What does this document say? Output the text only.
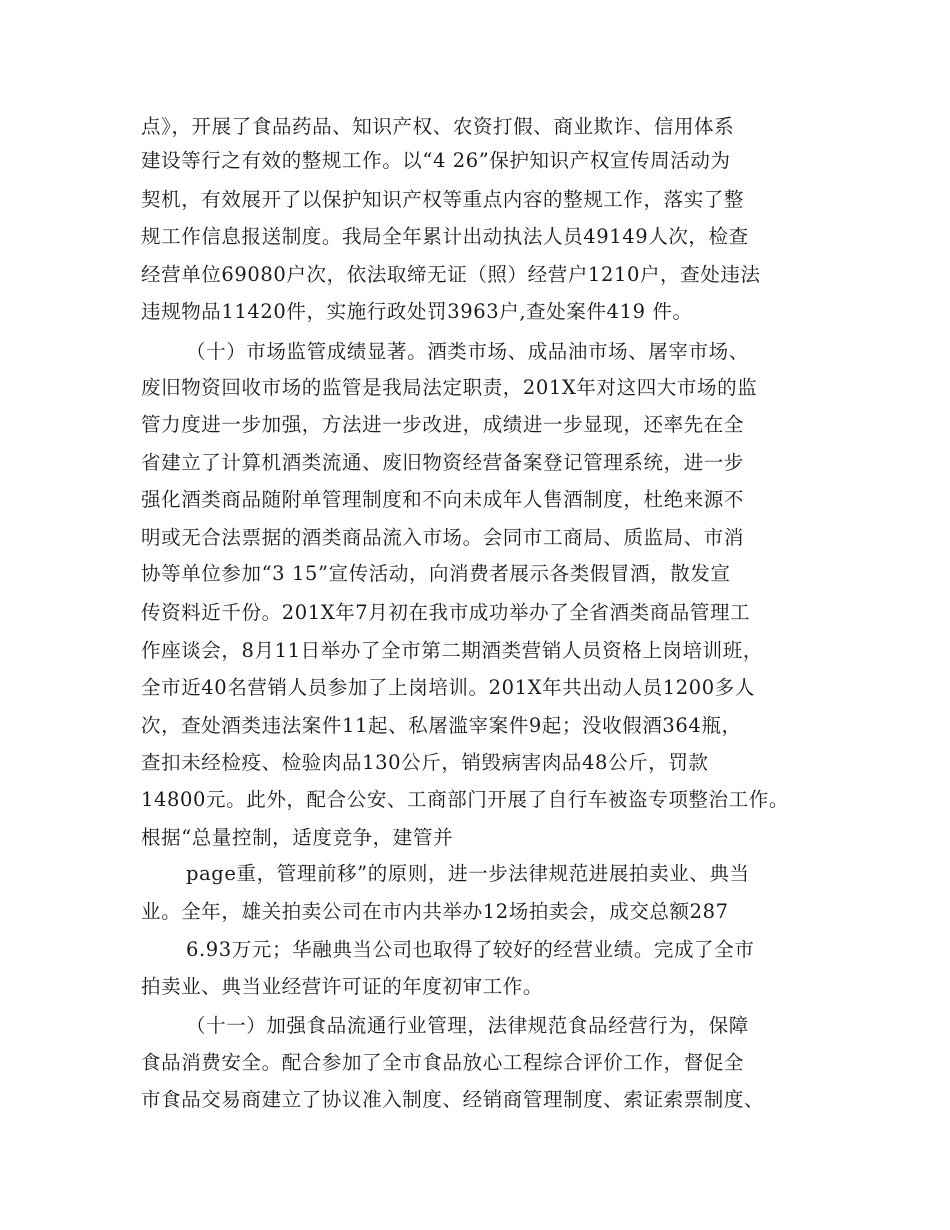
点》，开展了食品药品、知识产权、农资打假、商业欺诈、信用体系
建设等行之有效的整规工作。以“4 26”保护知识产权宣传周活动为
契机，有效展开了以保护知识产权等重点内容的整规工作，落实了整
规工作信息报送制度。我局全年累计出动执法人员49149人次，检查
经营单位69080户次，依法取缔无证（照）经营户1210户，查处违法
违规物品11420件，实施行政处罚3963户,查处案件419 件。
（十）市场监管成绩显著。酒类市场、成品油市场、屠宰市场、
废旧物资回收市场的监管是我局法定职责，201X年对这四大市场的监
管力度进一步加强，方法进一步改进，成绩进一步显现，还率先在全
省建立了计算机酒类流通、废旧物资经营备案登记管理系统，进一步
强化酒类商品随附单管理制度和不向未成年人售酒制度，杜绝来源不
明或无合法票据的酒类商品流入市场。会同市工商局、质监局、市消
协等单位参加“3 15”宣传活动，向消费者展示各类假冒酒，散发宣
传资料近千份。201X年7月初在我市成功举办了全省酒类商品管理工
作座谈会，8月11日举办了全市第二期酒类营销人员资格上岗培训班，
全市近40名营销人员参加了上岗培训。201X年共出动人员1200多人
次，查处酒类违法案件11起、私屠滥宰案件9起；没收假酒364瓶，
查扣未经检疫、检验肉品130公斤，销毁病害肉品48公斤，罚款
14800元。此外，配合公安、工商部门开展了自行车被盗专项整治工作。
根据“总量控制，适度竞争，建管并
page重，管理前移”的原则，进一步法律规范进展拍卖业、典当
业。全年，雄关拍卖公司在市内共举办12场拍卖会，成交总额287
6.93万元；华融典当公司也取得了较好的经营业绩。完成了全市
拍卖业、典当业经营许可证的年度初审工作。
（十一）加强食品流通行业管理，法律规范食品经营行为，保障
食品消费安全。配合参加了全市食品放心工程综合评价工作，督促全
市食品交易商建立了协议准入制度、经销商管理制度、索证索票制度、
